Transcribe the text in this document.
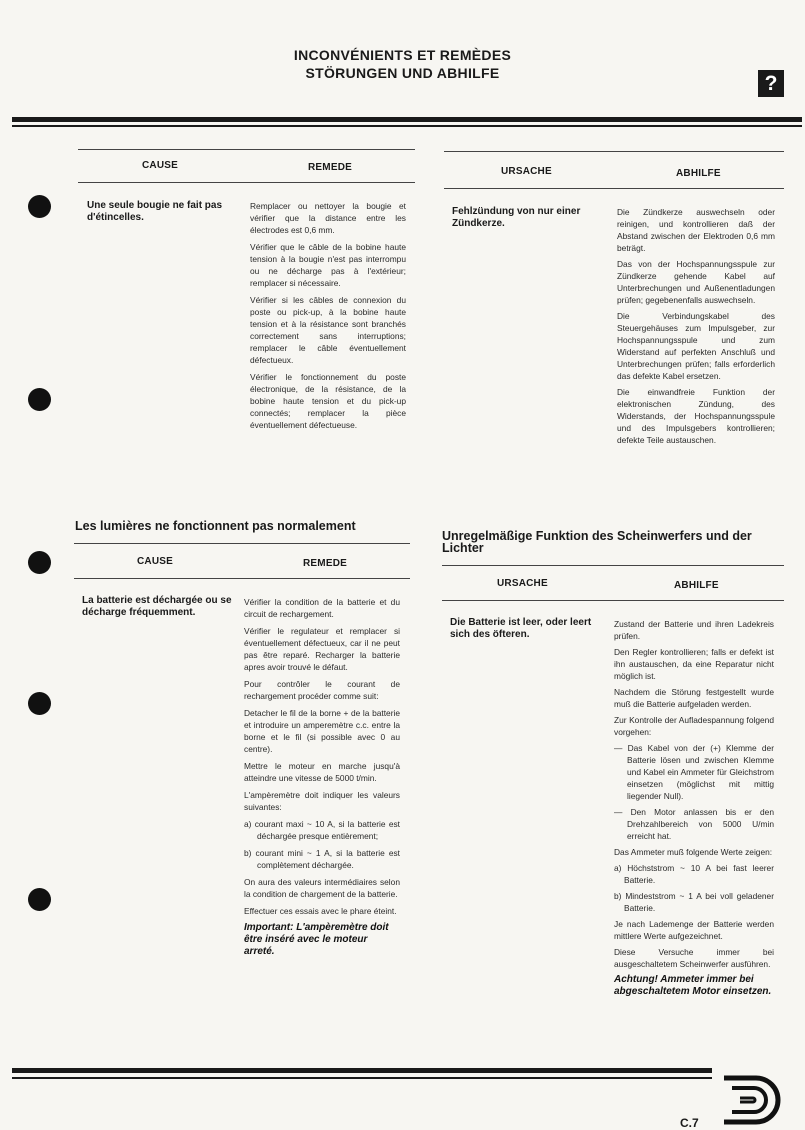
INCONVÉNIENTS ET REMÈDES
STÖRUNGEN UND ABHILFE	?
CAUSE	REMEDE
Une seule bougie ne fait pas d'étincelles.

Remplacer ou nettoyer la bougie et vérifier que la distance entre les électrodes est 0,6 mm.

Vérifier que le câble de la bobine haute tension à la bougie n'est pas interrompu ou ne décharge pas à l'extérieur; remplacer si nécessaire.

Vérifier si les câbles de connexion du poste ou pick-up, à la bobine haute tension et à la résistance sont branchés correctement sans interruptions; remplacer le câble éventuellement défectueux.

Vérifier le fonctionnement du poste électronique, de la résistance, de la bobine haute tension et du pick-up connectés; remplacer la pièce éventuellement défectueuse.

URSACHE	ABHILFE
Fehlzündung von nur einer Zündkerze.

Die Zündkerze auswechseln oder reinigen, und kontrollieren daß der Abstand zwischen der Elektroden 0,6 mm beträgt.

Das von der Hochspannungsspule zur Zündkerze gehende Kabel auf Unterbrechungen und Außenentladungen prüfen; gegebenenfalls auswechseln.

Die Verbindungskabel des Steuergehäuses zum Impulsgeber, zur Hochspannungsspule und zum Widerstand auf perfekten Anschluß und Unterbrechungen prüfen; falls erforderlich das defekte Kabel ersetzen.

Die einwandfreie Funktion der elektronischen Zündung, des Widerstands, der Hochspannungsspule und des Impulsgebers kontrollieren; defekte Teile austauschen.

Les lumières ne fonctionnent pas normalement
CAUSE	REMEDE
La batterie est déchargée ou se décharge fréquemment.

Vérifier la condition de la batterie et du circuit de rechargement.

Vérifier le regulateur et remplacer si éventuellement défectueux, car il ne peut pas être reparé. Recharger la batterie apres avoir trouvé le défaut.

Pour contrôler le courant de rechargement procéder comme suit:

Detacher le fil de la borne + de la batterie et introduire un amperemètre c.c. entre la borne et le fil (si possible avec 0 au centre).

Mettre le moteur en marche jusqu'à atteindre une vitesse de 5000 t/min.

L'ampèremètre doit indiquer les valeurs suivantes:

a) courant maxi ~ 10 A, si la batterie est déchargée presque entièrement;

b) courant mini ~ 1 A, si la batterie est complètement déchargée.

On aura des valeurs intermédiaires selon la condition de chargement de la batterie.

Effectuer ces essais avec le phare éteint.

Important: L'ampèremètre doit être inséré avec le moteur arreté.

Unregelmäßige Funktion des Scheinwerfers und der Lichter
URSACHE	ABHILFE
Die Batterie ist leer, oder leert sich des öfteren.

Zustand der Batterie und ihren Ladekreis prüfen.

Den Regler kontrollieren; falls er defekt ist ihn austauschen, da eine Reparatur nicht möglich ist.

Nachdem die Störung festgestellt wurde muß die Batterie aufgeladen werden.

Zur Kontrolle der Aufladespannung folgend vorgehen:

— Das Kabel von der (+) Klemme der Batterie lösen und zwischen Klemme und Kabel ein Ammeter für Gleichstrom einsetzen (möglichst mit mittig liegender Null).

— Den Motor anlassen bis er den Drehzahlbereich von 5000 U/min erreicht hat.

Das Ammeter muß folgende Werte zeigen:

a) Höchststrom ~ 10 A bei fast leerer Batterie.

b) Mindeststrom ~ 1 A bei voll geladener Batterie.

Je nach Lademenge der Batterie werden mittlere Werte aufgezeichnet.

Diese Versuche immer bei ausgeschaltetem Scheinwerfer ausführen.

Achtung! Ammeter immer bei abgeschaltetem Motor einsetzen.

C.7
